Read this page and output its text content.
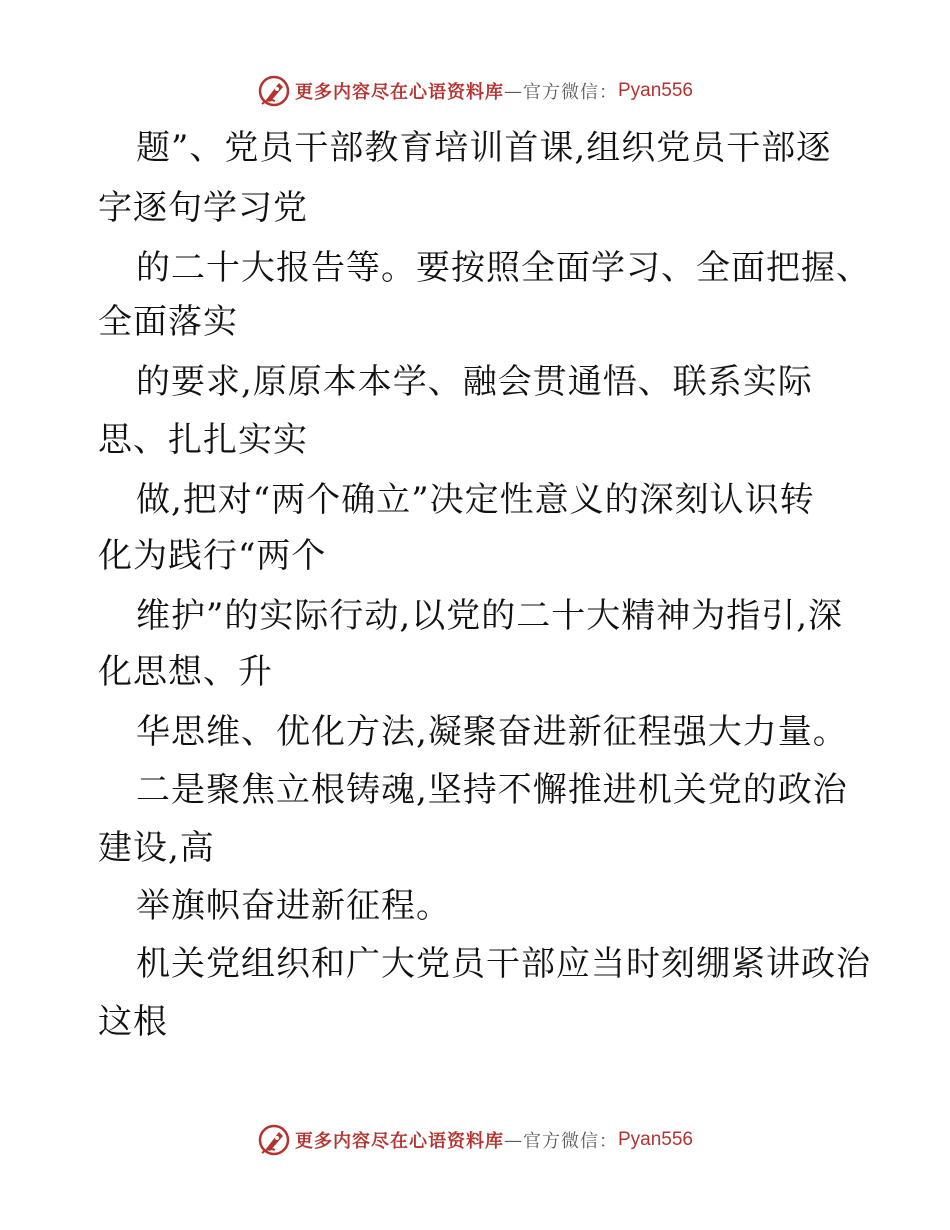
更多内容尽在心语资料库 — 官方微信： Pyan556

题”、党员干部教育培训首课,组织党员干部逐

字逐句学习党

的二十大报告等。要按照全面学习、全面把握、

全面落实

的要求,原原本本学、融会贯通悟、联系实际

思、扎扎实实

做,把对“两个确立”决定性意义的深刻认识转

化为践行“两个

维护”的实际行动,以党的二十大精神为指引,深

化思想、升

华思维、优化方法,凝聚奋进新征程强大力量。

二是聚焦立根铸魂,坚持不懈推进机关党的政治

建设,高

举旗帜奋进新征程。

机关党组织和广大党员干部应当时刻绷紧讲政治

这根

更多内容尽在心语资料库 — 官方微信： Pyan556
